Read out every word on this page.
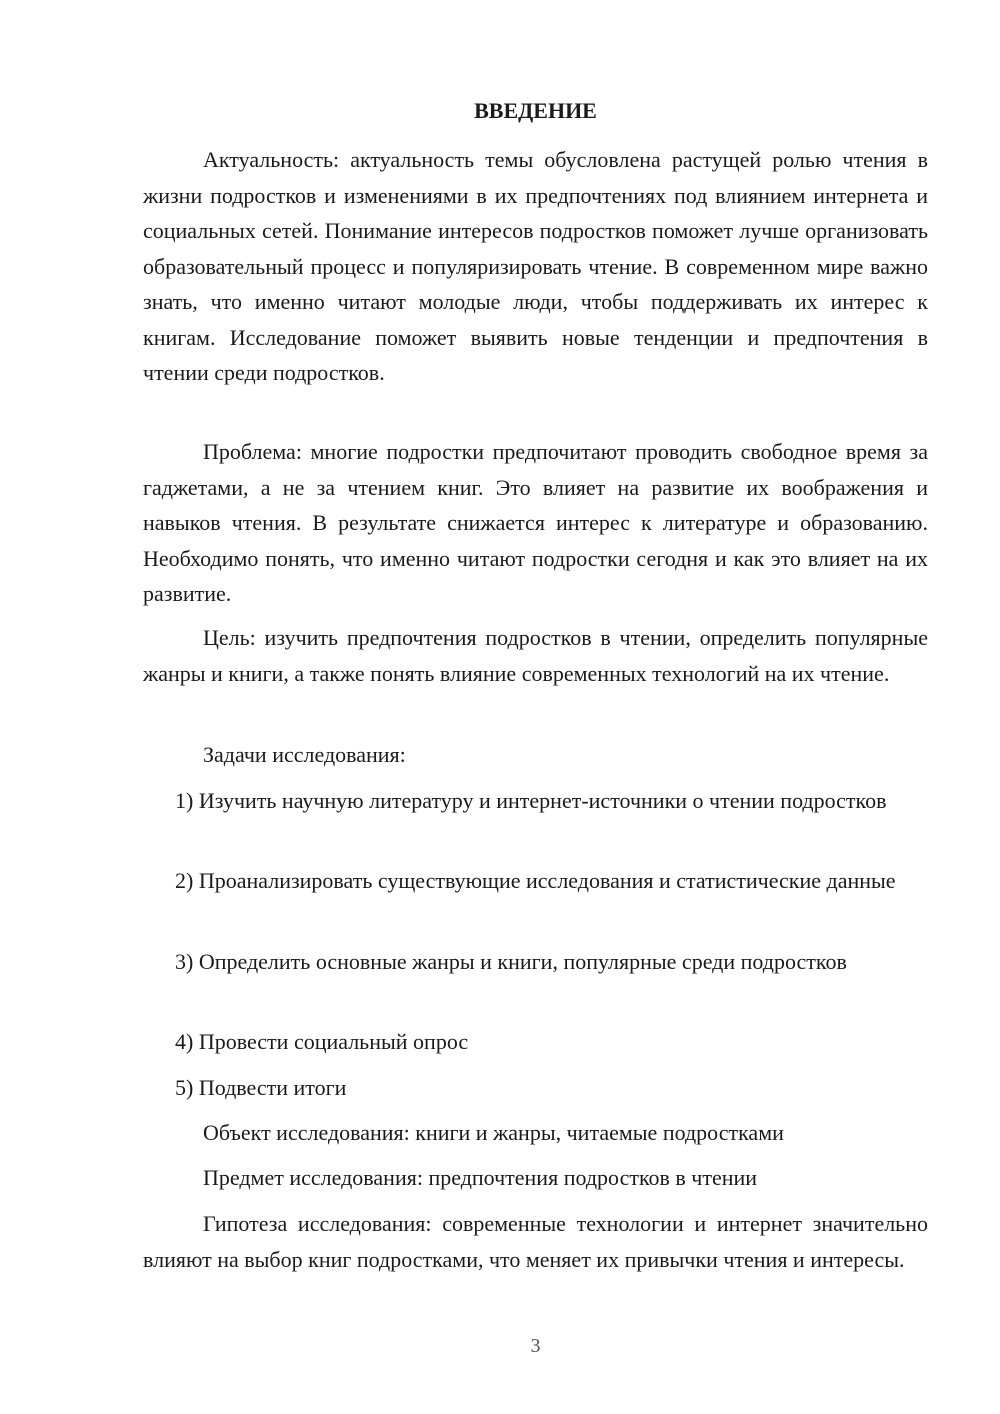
ВВЕДЕНИЕ

Актуальность: актуальность темы обусловлена растущей ролью чтения в жизни подростков и изменениями в их предпочтениях под влиянием интернета и социальных сетей. Понимание интересов подростков поможет лучше организовать образовательный процесс и популяризировать чтение. В современном мире важно знать, что именно читают молодые люди, чтобы поддерживать их интерес к книгам. Исследование поможет выявить новые тенденции и предпочтения в чтении среди подростков.

Проблема: многие подростки предпочитают проводить свободное время за гаджетами, а не за чтением книг. Это влияет на развитие их воображения и навыков чтения. В результате снижается интерес к литературе и образованию. Необходимо понять, что именно читают подростки сегодня и как это влияет на их развитие.

Цель: изучить предпочтения подростков в чтении, определить популярные жанры и книги, а также понять влияние современных технологий на их чтение.

Задачи исследования:

1) Изучить научную литературу и интернет-источники о чтении подростков

2) Проанализировать существующие исследования и статистические данные

3) Определить основные жанры и книги, популярные среди подростков

4) Провести социальный опрос

5) Подвести итоги

Объект исследования: книги и жанры, читаемые подростками

Предмет исследования: предпочтения подростков в чтении

Гипотеза исследования: современные технологии и интернет значительно влияют на выбор книг подростками, что меняет их привычки чтения и интересы.

3
